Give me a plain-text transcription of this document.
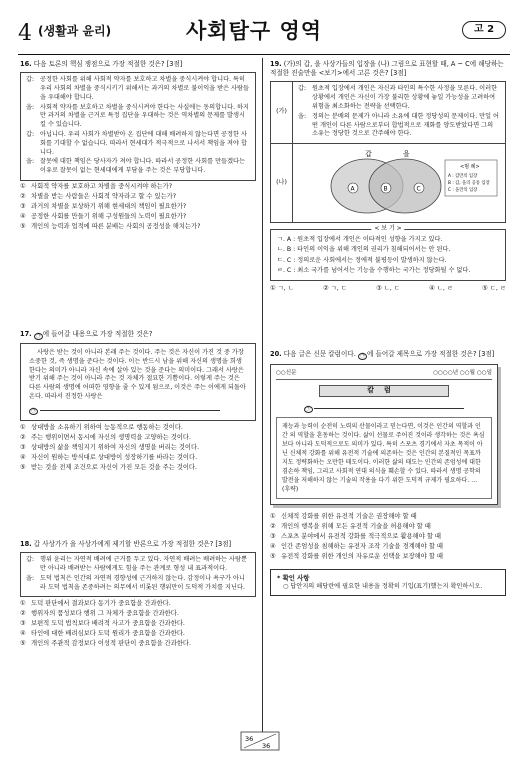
4 (생활과 윤리)	사회탐구 영역	고 2
16. 다음 토론의 핵심 쟁점으로 가장 적절한 것은? [3점]
갑: 공정한 사회를 위해 사회적 약자를 보호하고 차별을 중식시켜야 합니다. 특히 우리 사회의 차별을 중식시키기 위해서는 과거의 차별로 불이익을 받은 사람들을 우대해야 합니다.
을: 사회적 약자를 보호하고 차별을 중식시켜야 한다는 사실에는 동의합니다. 하지만 과거의 차별을 근거로 특정 집단을 우대하는 것은 역차별의 문제를 발생시킬 수 있습니다.
갑: 아닙니다. 우리 사회가 차별받아 온 집단에 대해 배려하지 않는다면 공정한 사회를 기대할 수 없습니다. 따라서 현세대가 적극적으로 나서서 책임을 져야 합니다.
을: 잘못에 대한 책임은 당사자가 져야 합니다. 따라서 공정한 사회를 만들겠다는 이유로 잘못이 없는 현세대에게 부담을 주는 것은 부당합니다.
① 사회적 약자를 보호하고 차별을 중식시켜야 하는가?
② 차별을 받는 사람들은 사회적 약자라고 할 수 있는가?
③ 과거의 차별을 보상하기 위해 현세대의 책임이 필요한가?
④ 공정한 사회를 만들기 위해 구성원들의 노력이 필요한가?
⑤ 개인의 능력과 업적에 따른 분배는 사회의 공정성을 해치는가?
17. ㉠ 에 들어갈 내용으로 가장 적절한 것은?
사랑은 받는 것이 아니라 본래 주는 것이다. 주는 것은 자신이 가진 것 중 가장 소중한 것, 즉 생명을 준다는 것이다. 이는 반드시 남을 위해 자신의 생명을 희생한다는 의미가 아니라 자신 속에 살아 있는 것을 준다는 의미이다. 그래서 사랑은 받기 위해 주는 것이 아니라 주는 것 자체가 절묘한 기쁨이다. 이렇게 주는 것은 다른 사람의 생명에 어떠한 영향을 줄 수 있게 됨으로, 이것은 주는 이에게 되돌아온다. 따라서 진정한 사랑은
㉠
① 상대방을 소유하기 위하여 능동적으로 행동하는 것이다.
② 주는 행위이면서 동시에 자신의 생명력을 고양하는 것이다.
③ 상대방의 삶을 책임지기 위하여 자신의 생명을 버리는 것이다.
④ 자신이 원하는 방식대로 상대방이 성장하기를 바라는 것이다.
⑤ 받는 것을 전제 조건으로 자신이 가진 모든 것을 주는 것이다.
18. 갑 사상가가 을 사상가에게 제기할 반론으로 가장 적절한 것은? [3점]
갑: 행위 윤리는 자연적 배려에 근거를 두고 있다. 자연적 배려는 배려하는 사람뿐만 아니라 배려받는 사람에게도 힘을 주는 관계로 형성 내 표과적이다.
을: 도덕 법칙은 인간의 자연적 경향성에 근거하지 않는다. 감정이나 욕구가 아니라 도덕 법칙을 존중하려는 의무에서 비롯된 행위만이 도덕적 가치를 지닌다.
① 도덕 판단에서 결과보다 동기가 중요함을 간과한다.
② 행위자의 품성보다 행위 그 자체가 중요함을 간과한다.
③ 보편적 도덕 법칙보다 배려적 사고가 중요함을 간과한다.
④ 타인에 대한 배려심보다 도덕 원리가 중요함을 간과한다.
⑤ 개인의 주관적 감정보다 이성적 판단이 중요함을 간과한다.
19. (가)의 갑, 을 사상가들의 입장을 (나) 그림으로 표현할 때, A ~ C에 해당하는 적절한 진술만을 <보기>에서 고른 것은? [3점]
(가)
갑: 원초적 입장에서 개인은 자신과 타인의 특수한 사정을 모른다. 이러한 상황에서 개인은 자신이 가장 불리한 상황에 놓일 가능성을 고려하여 위험을 최소화하는 전략을 선택한다.
을: 정의는 분배의 문제가 아니라 소유에 대한 정당성의 문제이다. 만일 어떤 개인이 다른 사람으로부터 합법적으로 재화를 양도받았다면 그의 소유는 정당한 것으로 간주해야 한다.
(나)
갑	을
A	B	C
<범 례>
A : 갑만의 입장
B : 갑, 을의 공통 입장
C : 을만의 입장
< 보 기 >
ㄱ. A : 원초적 입장에서 개인은 이타적인 성향을 가지고 있다.
ㄴ. B : 타인의 이익을 위해 개인의 권리가 침해되어서는 안 된다.
ㄷ. C : 정의로운 사회에서는 정에적 불평등이 발생하지 않는다.
ㄹ. C : 최소 국가를 넘어서는 기능을 수행하는 국가는 정당화될 수 없다.
① ㄱ, ㄴ	② ㄱ, ㄷ	③ ㄴ, ㄷ	④ ㄴ, ㄹ	⑤ ㄷ, ㄹ
20. 다음 글은 신문 칼럼이다. ㉠ 에 들어갈 제목으로 가장 적절한 것은? [3점]
○○신문	○○○○년 ○○월 ○○일
칼럼
㉠
재능과 능력이 순전히 노력의 산물이라고 믿는다면, 이것은 인간의 역할과 인간 의 역할을 혼동하는 것이다. 삶이 선물로 주어진 것이라 생각하는 것은 욕심보다 아니라 도덕적으로도 의미가 있다. 특히 스포츠 경기에서 자초 목적이 아닌 신체적 강화를 위해 유전적 기술에 의존하는 것은 인간의 본질적인 목표까지도 정략화하는 오만한 태도이다. 이러한 삶의 태도는 인간의 존엄성에 대한 겸손하 책임, 그리고 사회적 연대 의식을 훼손할 수 있다. 따라서 생명 공학의 발전을 저해하지 않는 기술의 작용을 다기 위한 도덕적 규제가 필요하다. … (후략)
① 신체적 강화를 위한 유전적 기술은 권장해야 할 때
② 개인의 행복을 위해 모든 유전적 기술을 허용해야 할 때
③ 스포츠 분야에서 유전적 강화를 적극적으로 활용해야 할 때
④ 인간 존엄성을 침해하는 유전자 조작 기술을 경계해야 할 때
⑤ 유전적 강화를 위한 개인의 자유로운 선택을 보장해야 할 때
* 확인 사항
○ 답안지의 해당란에 필요한 내용을 정확히 기입(표기)했는지 확인하시오.
36
36
